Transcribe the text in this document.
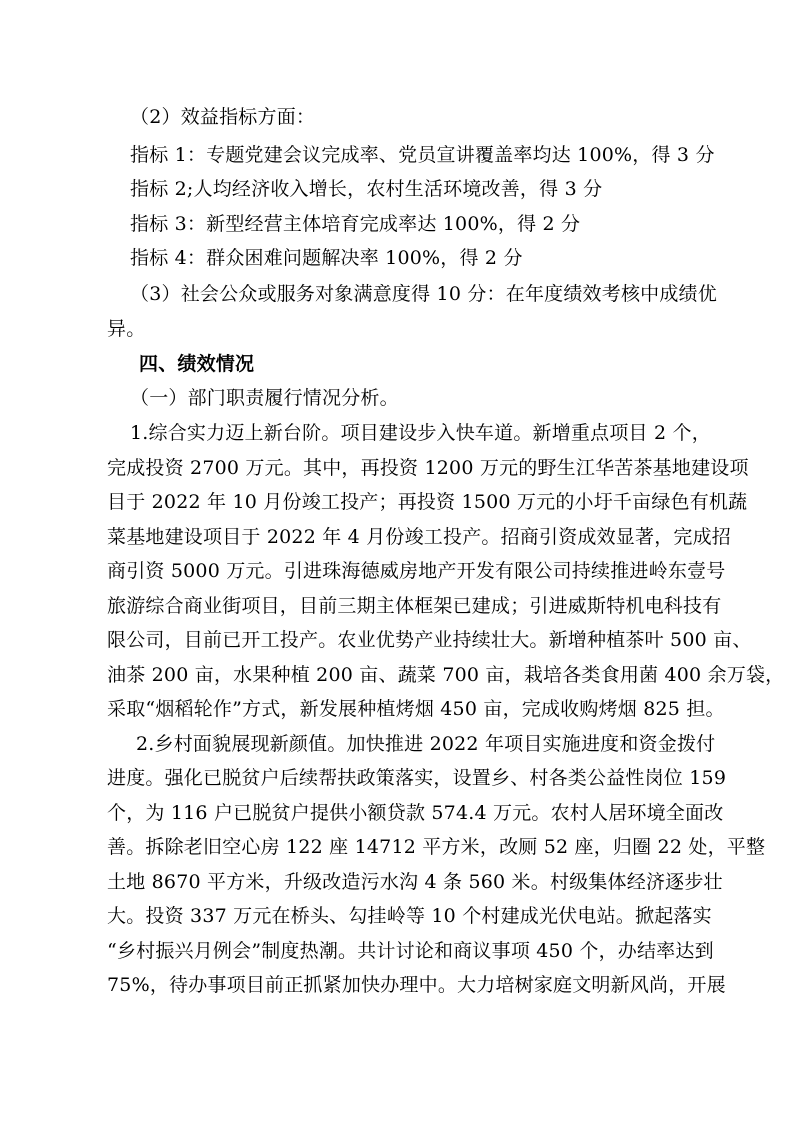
（2）效益指标方面：
指标 1：专题党建会议完成率、党员宣讲覆盖率均达 100%，得 3 分
指标 2;人均经济收入增长，农村生活环境改善，得 3 分
指标 3：新型经营主体培育完成率达 100%，得 2 分
指标 4：群众困难问题解决率 100%，得 2 分
（3）社会公众或服务对象满意度得 10 分：在年度绩效考核中成绩优
异。
四、绩效情况
（一）部门职责履行情况分析。
1.综合实力迈上新台阶。项目建设步入快车道。新增重点项目 2 个，
完成投资 2700 万元。其中，再投资 1200 万元的野生江华苦茶基地建设项
目于 2022 年 10 月份竣工投产；再投资 1500 万元的小圩千亩绿色有机蔬
菜基地建设项目于 2022 年 4 月份竣工投产。招商引资成效显著，完成招
商引资 5000 万元。引进珠海德威房地产开发有限公司持续推进岭东壹号
旅游综合商业街项目，目前三期主体框架已建成；引进威斯特机电科技有
限公司，目前已开工投产。农业优势产业持续壮大。新增种植茶叶 500 亩、
油茶 200 亩，水果种植 200 亩、蔬菜 700 亩，栽培各类食用菌 400 余万袋，
采取“烟稻轮作”方式，新发展种植烤烟 450 亩，完成收购烤烟 825 担。
2.乡村面貌展现新颜值。加快推进 2022 年项目实施进度和资金拨付
进度。强化已脱贫户后续帮扶政策落实，设置乡、村各类公益性岗位 159
个，为 116 户已脱贫户提供小额贷款 574.4 万元。农村人居环境全面改
善。拆除老旧空心房 122 座 14712 平方米，改厕 52 座，归圈 22 处，平整
土地 8670 平方米，升级改造污水沟 4 条 560 米。村级集体经济逐步壮
大。投资 337 万元在桥头、勾挂岭等 10 个村建成光伏电站。掀起落实
“乡村振兴月例会”制度热潮。共计讨论和商议事项 450 个，办结率达到
75%，待办事项目前正抓紧加快办理中。大力培树家庭文明新风尚，开展
